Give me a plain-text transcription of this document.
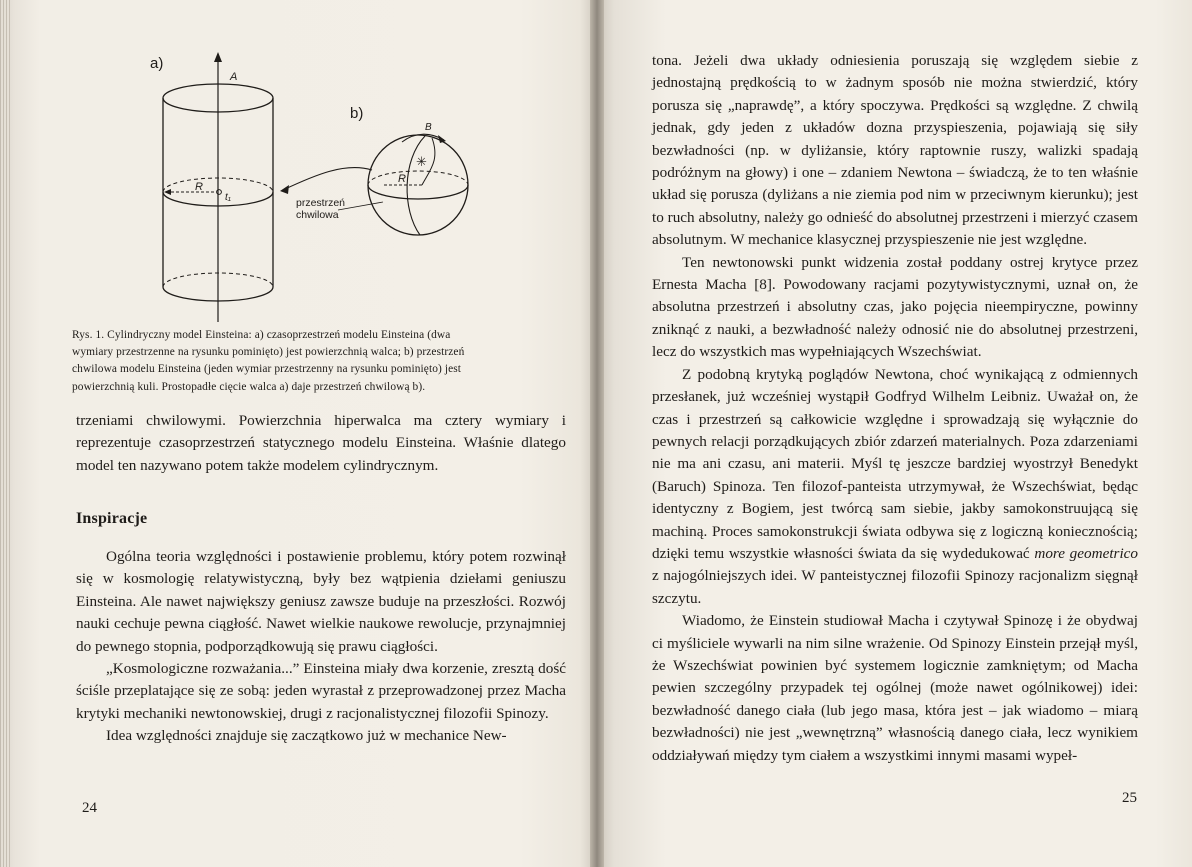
✳
a)
b)
A
B
R
t₁
R
przestrzeń
chwilowa
Rys. 1. Cylindryczny model Einsteina: a) czasoprzestrzeń modelu Einsteina (dwa
wymiary przestrzenne na rysunku pominięto) jest powierzchnią walca; b) przestrzeń
chwilowa modelu Einsteina (jeden wymiar przestrzenny na rysunku pominięto) jest
powierzchnią kuli. Prostopadłe cięcie walca a) daje przestrzeń chwilową b).

trzeniami chwilowymi. Powierzchnia hiperwalca ma cztery wymiary i reprezentuje czasoprzestrzeń statycznego modelu Einsteina. Właśnie dlatego model ten nazywano potem także modelem cylindrycznym.

Inspiracje

Ogólna teoria względności i postawienie problemu, który potem rozwinął się w kosmologię relatywistyczną, były bez wątpienia dziełami geniuszu Einsteina. Ale nawet największy geniusz zawsze buduje na przeszłości. Rozwój nauki cechuje pewna ciągłość. Nawet wielkie naukowe rewolucje, przynajmniej do pewnego stopnia, podporządkowują się prawu ciągłości.

„Kosmologiczne rozważania...” Einsteina miały dwa korzenie, zresztą dość ściśle przeplatające się ze sobą: jeden wyrastał z przeprowadzonej przez Macha krytyki mechaniki newtonowskiej, drugi z racjonalistycznej filozofii Spinozy.

Idea względności znajduje się zaczątkowo już w mechanice New-

24

tona. Jeżeli dwa układy odniesienia poruszają się względem siebie z jednostajną prędkością to w żadnym sposób nie można stwierdzić, który porusza się „naprawdę”, a który spoczywa. Prędkości są względne. Z chwilą jednak, gdy jeden z układów dozna przyspieszenia, pojawiają się siły bezwładności (np. w dyliżansie, który raptownie ruszy, walizki spadają podróżnym na głowy) i one – zdaniem Newtona – świadczą, że to ten właśnie układ się porusza (dyliżans a nie ziemia pod nim w przeciwnym kierunku); jest to ruch absolutny, należy go odnieść do absolutnej przestrzeni i mierzyć czasem absolutnym. W mechanice klasycznej przyspieszenie nie jest względne.

Ten newtonowski punkt widzenia został poddany ostrej krytyce przez Ernesta Macha [8]. Powodowany racjami pozytywistycznymi, uznał on, że absolutna przestrzeń i absolutny czas, jako pojęcia nieempiryczne, powinny zniknąć z nauki, a bezwładność należy odnosić nie do absolutnej przestrzeni, lecz do wszystkich mas wypełniających Wszechświat.

Z podobną krytyką poglądów Newtona, choć wynikającą z odmiennych przesłanek, już wcześniej wystąpił Godfryd Wilhelm Leibniz. Uważał on, że czas i przestrzeń są całkowicie względne i sprowadzają się wyłącznie do pewnych relacji porządkujących zbiór zdarzeń materialnych. Poza zdarzeniami nie ma ani czasu, ani materii. Myśl tę jeszcze bardziej wyostrzył Benedykt (Baruch) Spinoza. Ten filozof-panteista utrzymywał, że Wszechświat, będąc identyczny z Bogiem, jest twórcą sam siebie, jakby samokonstruującą się machiną. Proces samokonstrukcji świata odbywa się z logiczną koniecznością; dzięki temu wszystkie własności świata da się wydedukować more geometrico z najogólniejszych idei. W panteistycznej filozofii Spinozy racjonalizm sięgnął szczytu.

Wiadomo, że Einstein studiował Macha i czytywał Spinozę i że obydwaj ci myśliciele wywarli na nim silne wrażenie. Od Spinozy Einstein przejął myśl, że Wszechświat powinien być systemem logicznie zamkniętym; od Macha pewien szczególny przypadek tej ogólnej (może nawet ogólnikowej) idei: bezwładność danego ciała (lub jego masa, która jest – jak wiadomo – miarą bezwładności) nie jest „wewnętrzną” własnością danego ciała, lecz wynikiem oddziaływań między tym ciałem a wszystkimi innymi masami wypeł-

25
